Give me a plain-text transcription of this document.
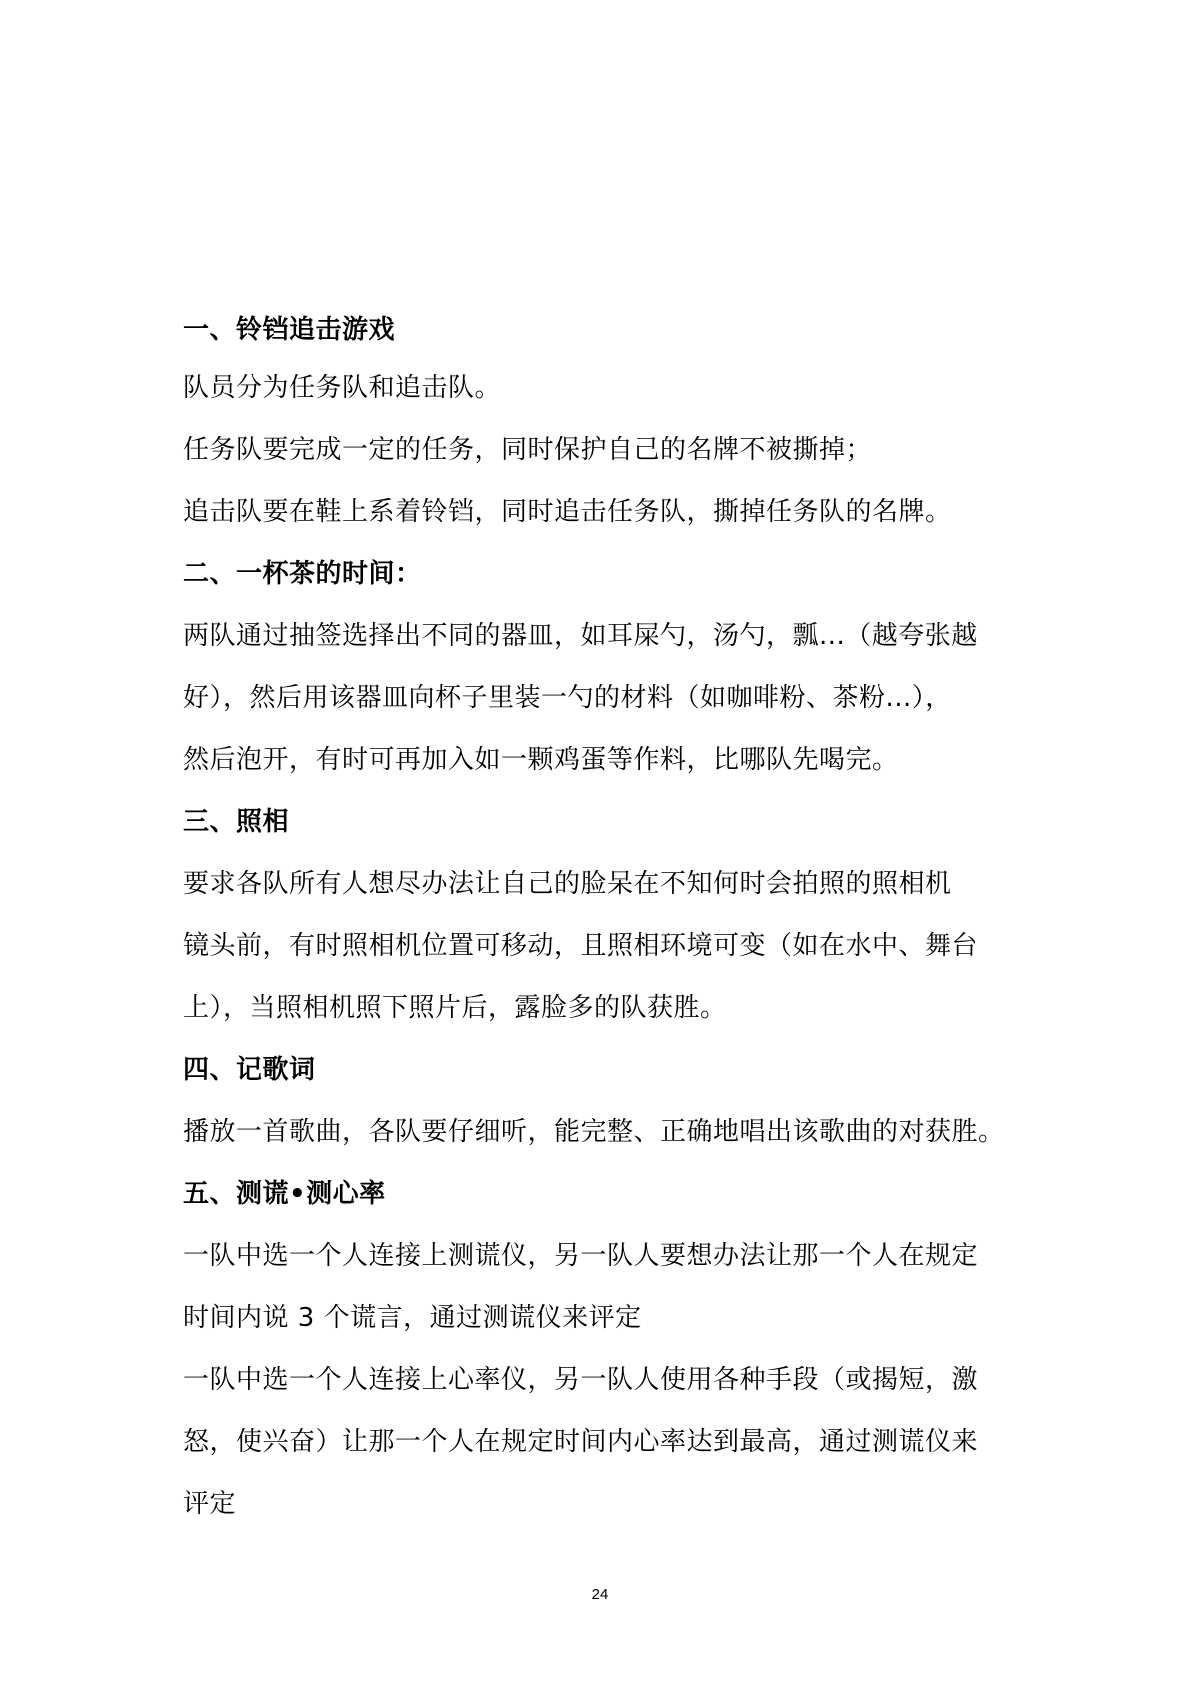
一、铃铛追击游戏
队员分为任务队和追击队。
任务队要完成一定的任务，同时保护自己的名牌不被撕掉；
追击队要在鞋上系着铃铛，同时追击任务队，撕掉任务队的名牌。
二、一杯茶的时间：
两队通过抽签选择出不同的器皿，如耳屎勺，汤勺，瓢...（越夸张越
好），然后用该器皿向杯子里装一勺的材料（如咖啡粉、茶粉...），
然后泡开，有时可再加入如一颗鸡蛋等作料，比哪队先喝完。
三、照相
要求各队所有人想尽办法让自己的脸呆在不知何时会拍照的照相机
镜头前，有时照相机位置可移动，且照相环境可变（如在水中、舞台
上），当照相机照下照片后，露脸多的队获胜。
四、记歌词
播放一首歌曲，各队要仔细听，能完整、正确地唱出该歌曲的对获胜。
五、测谎•测心率
一队中选一个人连接上测谎仪，另一队人要想办法让那一个人在规定
时间内说 3 个谎言，通过测谎仪来评定
一队中选一个人连接上心率仪，另一队人使用各种手段（或揭短，激
怒，使兴奋）让那一个人在规定时间内心率达到最高，通过测谎仪来
评定
24
